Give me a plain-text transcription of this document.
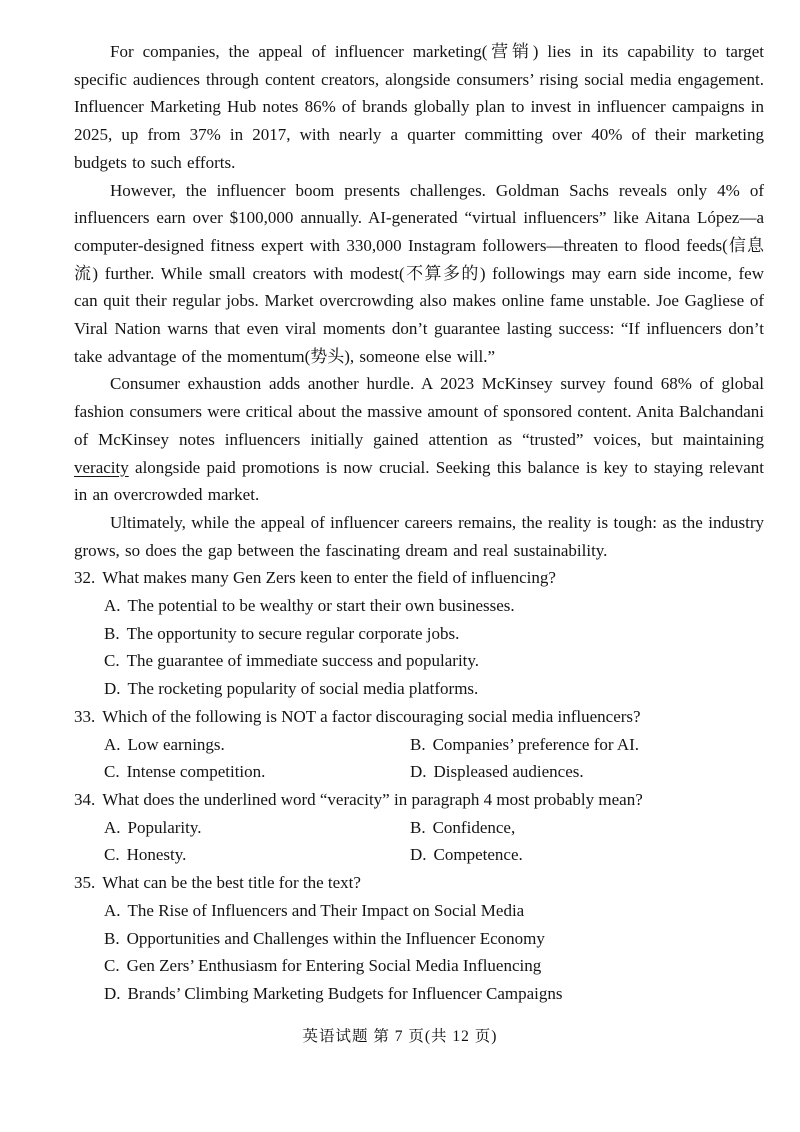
For companies, the appeal of influencer marketing(营销) lies in its capability to target specific audiences through content creators, alongside consumers’ rising social media engagement. Influencer Marketing Hub notes 86% of brands globally plan to invest in influencer campaigns in 2025, up from 37% in 2017, with nearly a quarter committing over 40% of their marketing budgets to such efforts.

However, the influencer boom presents challenges. Goldman Sachs reveals only 4% of influencers earn over $100,000 annually. AI-generated “virtual influencers” like Aitana López—a computer-designed fitness expert with 330,000 Instagram followers—threaten to flood feeds(信息流) further. While small creators with modest(不算多的) followings may earn side income, few can quit their regular jobs. Market overcrowding also makes online fame unstable. Joe Gagliese of Viral Nation warns that even viral moments don’t guarantee lasting success: “If influencers don’t take advantage of the momentum(势头), someone else will.”

Consumer exhaustion adds another hurdle. A 2023 McKinsey survey found 68% of global fashion consumers were critical about the massive amount of sponsored content. Anita Balchandani of McKinsey notes influencers initially gained attention as “trusted” voices, but maintaining veracity alongside paid promotions is now crucial. Seeking this balance is key to staying relevant in an overcrowded market.

Ultimately, while the appeal of influencer careers remains, the reality is tough: as the industry grows, so does the gap between the fascinating dream and real sustainability.

32. What makes many Gen Zers keen to enter the field of influencing?
A. The potential to be wealthy or start their own businesses.
B. The opportunity to secure regular corporate jobs.
C. The guarantee of immediate success and popularity.
D. The rocketing popularity of social media platforms.
33. Which of the following is NOT a factor discouraging social media influencers?
A. Low earnings.	B. Companies’ preference for AI.
C. Intense competition.	D. Displeased audiences.
34. What does the underlined word “veracity” in paragraph 4 most probably mean?
A. Popularity.	B. Confidence,
C. Honesty.	D. Competence.
35. What can be the best title for the text?
A. The Rise of Influencers and Their Impact on Social Media
B. Opportunities and Challenges within the Influencer Economy
C. Gen Zers’ Enthusiasm for Entering Social Media Influencing
D. Brands’ Climbing Marketing Budgets for Influencer Campaigns
英语试题 第 7 页(共 12 页)
